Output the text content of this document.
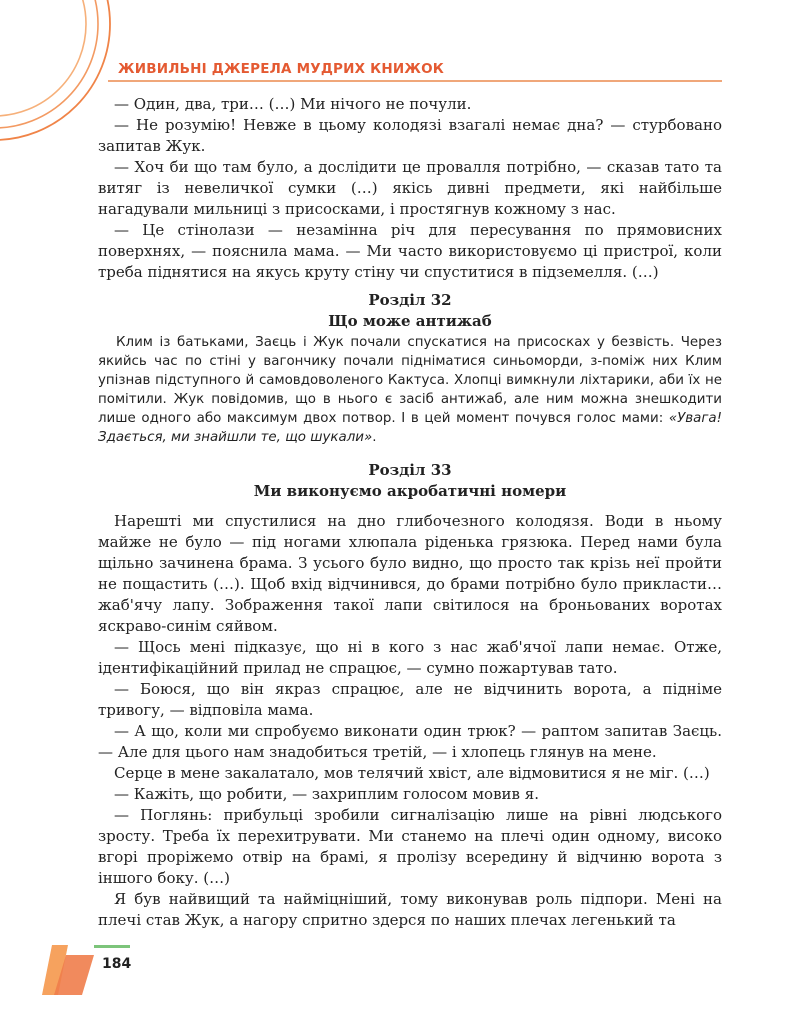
ЖИВИЛЬНІ ДЖЕРЕЛА МУДРИХ КНИЖОК

— Один, два, три… (…) Ми нічого не почули.

— Не розумію! Невже в цьому колодязі взагалі немає дна? — стурбовано запитав Жук.

— Хоч би що там було, а дослідити це провалля потрібно, — сказав тато та витяг із невеличкої сумки (…) якісь дивні предмети, які найбільше нагадували мильниці з присосками, і простягнув кожному з нас.

— Це стінолази — незамінна річ для пересування по прямовисних поверхнях, — пояснила мама. — Ми часто використовуємо ці пристрої, коли треба піднятися на якусь круту стіну чи спуститися в підземелля. (…)

Розділ 32

Що може антижаб

Клим із батьками, Заєць і Жук почали спускатися на присосках у безвість. Через якийсь час по стіні у вагончику почали підніматися синьоморди, з-поміж них Клим упізнав підступного й самовдоволеного Кактуса. Хлопці вимкнули ліхтарики, аби їх не помітили. Жук повідомив, що в нього є засіб антижаб, але ним можна знешкодити лише одного або максимум двох потвор. І в цей момент почувся голос мами: «Увага! Здається, ми знайшли те, що шукали».

Розділ 33

Ми виконуємо акробатичні номери

Нарешті ми спустилися на дно глибочезного колодязя. Води в ньому майже не було — під ногами хлюпала ріденька грязюка. Перед нами була щільно зачинена брама. З усього було видно, що просто так крізь неї пройти не пощастить (…). Щоб вхід відчинився, до брами потрібно було прикласти… жаб'ячу лапу. Зображення такої лапи світилося на броньованих воротах яскраво-синім сяйвом.

— Щось мені підказує, що ні в кого з нас жаб'ячої лапи немає. Отже, ідентифікаційний прилад не спрацює, — сумно пожартував тато.

— Боюся, що він якраз спрацює, але не відчинить ворота, а підніме тривогу, — відповіла мама.

— А що, коли ми спробуємо виконати один трюк? — раптом запитав Заєць. — Але для цього нам знадобиться третій, — і хлопець глянув на мене.

Серце в мене закалатало, мов телячий хвіст, але відмовитися я не міг. (…)

— Кажіть, що робити, — захриплим голосом мовив я.

— Поглянь: прибульці зробили сигналізацію лише на рівні людського зросту. Треба їх перехитрувати. Ми станемо на плечі один одному, високо вгорі проріжемо отвір на брамі, я пролізу всередину й відчиню ворота з іншого боку. (…)

Я був найвищий та найміцніший, тому виконував роль підпори. Мені на плечі став Жук, а нагору спритно здерся по наших плечах легенький та

184
